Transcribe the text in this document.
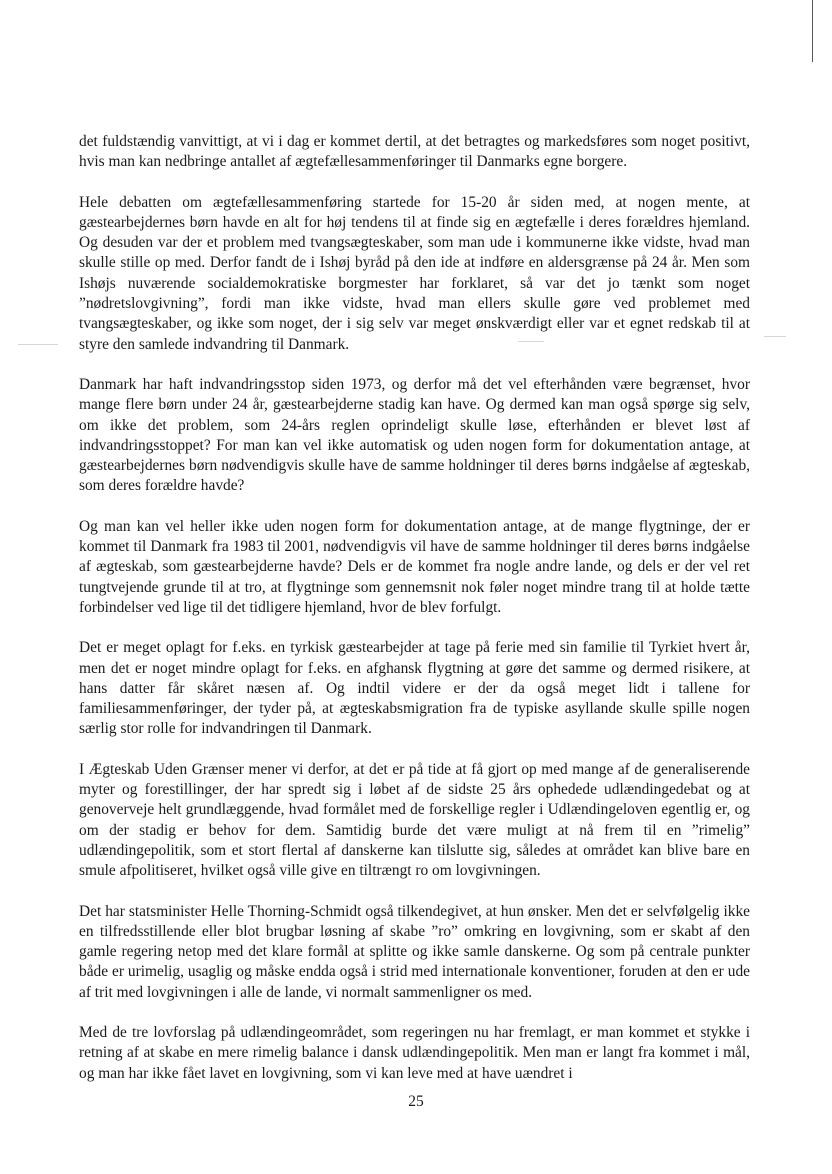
det fuldstændig vanvittigt, at vi i dag er kommet dertil, at det betragtes og markedsføres som noget positivt, hvis man kan nedbringe antallet af ægtefællesammenføringer til Danmarks egne borgere.

Hele debatten om ægtefællesammenføring startede for 15-20 år siden med, at nogen mente, at gæstearbejdernes børn havde en alt for høj tendens til at finde sig en ægtefælle i deres forældres hjemland. Og desuden var der et problem med tvangsægteskaber, som man ude i kommunerne ikke vidste, hvad man skulle stille op med. Derfor fandt de i Ishøj byråd på den ide at indføre en aldersgrænse på 24 år. Men som Ishøjs nuværende socialdemokratiske borgmester har forklaret, så var det jo tænkt som noget ”nødretslovgivning”, fordi man ikke vidste, hvad man ellers skulle gøre ved problemet med tvangsægteskaber, og ikke som noget, der i sig selv var meget ønskværdigt eller var et egnet redskab til at styre den samlede indvandring til Danmark.

Danmark har haft indvandringsstop siden 1973, og derfor må det vel efterhånden være begrænset, hvor mange flere børn under 24 år, gæstearbejderne stadig kan have. Og dermed kan man også spørge sig selv, om ikke det problem, som 24-års reglen oprindeligt skulle løse, efterhånden er blevet løst af indvandringsstoppet? For man kan vel ikke automatisk og uden nogen form for dokumentation antage, at gæstearbejdernes børn nødvendigvis skulle have de samme holdninger til deres børns indgåelse af ægteskab, som deres forældre havde?

Og man kan vel heller ikke uden nogen form for dokumentation antage, at de mange flygtninge, der er kommet til Danmark fra 1983 til 2001, nødvendigvis vil have de samme holdninger til deres børns indgåelse af ægteskab, som gæstearbejderne havde? Dels er de kommet fra nogle andre lande, og dels er der vel ret tungtvejende grunde til at tro, at flygtninge som gennemsnit nok føler noget mindre trang til at holde tætte forbindelser ved lige til det tidligere hjemland, hvor de blev forfulgt.

Det er meget oplagt for f.eks. en tyrkisk gæstearbejder at tage på ferie med sin familie til Tyrkiet hvert år, men det er noget mindre oplagt for f.eks. en afghansk flygtning at gøre det samme og dermed risikere, at hans datter får skåret næsen af. Og indtil videre er der da også meget lidt i tallene for familiesammenføringer, der tyder på, at ægteskabsmigration fra de typiske asyllande skulle spille nogen særlig stor rolle for indvandringen til Danmark.

I Ægteskab Uden Grænser mener vi derfor, at det er på tide at få gjort op med mange af de generaliserende myter og forestillinger, der har spredt sig i løbet af de sidste 25 års ophedede udlændingedebat og at genoverveje helt grundlæggende, hvad formålet med de forskellige regler i Udlændingeloven egentlig er, og om der stadig er behov for dem. Samtidig burde det være muligt at nå frem til en ”rimelig” udlændingepolitik, som et stort flertal af danskerne kan tilslutte sig, således at området kan blive bare en smule afpolitiseret, hvilket også ville give en tiltrængt ro om lovgivningen.

Det har statsminister Helle Thorning-Schmidt også tilkendegivet, at hun ønsker. Men det er selvfølgelig ikke en tilfredsstillende eller blot brugbar løsning af skabe ”ro” omkring en lovgivning, som er skabt af den gamle regering netop med det klare formål at splitte og ikke samle danskerne. Og som på centrale punkter både er urimelig, usaglig og måske endda også i strid med internationale konventioner, foruden at den er ude af trit med lovgivningen i alle de lande, vi normalt sammenligner os med.

Med de tre lovforslag på udlændingeområdet, som regeringen nu har fremlagt, er man kommet et stykke i retning af at skabe en mere rimelig balance i dansk udlændingepolitik. Men man er langt fra kommet i mål, og man har ikke fået lavet en lovgivning, som vi kan leve med at have uændret i

25
